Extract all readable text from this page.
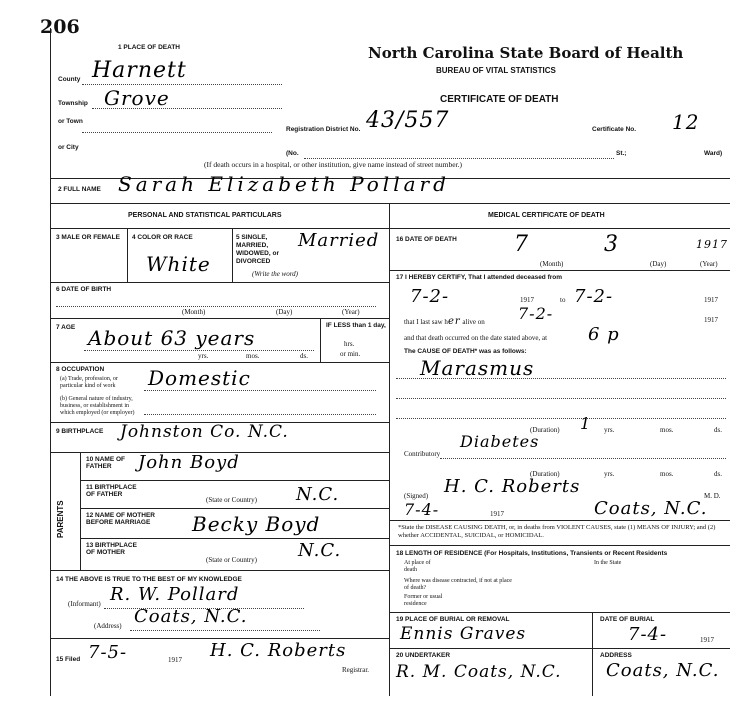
206
North Carolina State Board of Health
BUREAU OF VITAL STATISTICS
CERTIFICATE OF DEATH
1 PLACE OF DEATH
County Harnett
Township Grove
or Town
Registration District No. 43/557	Certificate No. 12
or City
(No.	St.;	Ward)
(If death occurs in a hospital, or other institution, give name instead of street number.)
2 FULL NAME Sarah Elizabeth Pollard
PERSONAL AND STATISTICAL PARTICULARS	MEDICAL CERTIFICATE OF DEATH
3 MALE OR FEMALE	4 COLOR OR RACE
White
5 SINGLE, MARRIED, WIDOWED, or DIVORCED
Married
(Write the word)
6 DATE OF BIRTH
(Month)	(Day)	(Year)
7 AGE About 63 years
yrs.	mos.	ds.
IF LESS than 1 day,
hrs.
or min.
8 OCCUPATION
(a) Trade, profession, or particular kind of work
(b) General nature of industry, business, or establishment in which employed (or employer)
Domestic
9 BIRTHPLACE Johnston Co. N.C.
PARENTS
10 NAME OF FATHER	John Boyd
11 BIRTHPLACE OF FATHER
(State or Country) N.C.
12 NAME OF MOTHER BEFORE MARRIAGE	Becky Boyd
13 BIRTHPLACE OF MOTHER
(State or Country) N.C.
14 THE ABOVE IS TRUE TO THE BEST OF MY KNOWLEDGE
(Informant) R. W. Pollard
(Address) Coats, N.C.
15 Filed 7-5-	1917 H. C. Roberts
Registrar.
16 DATE OF DEATH	7	3	1917
(Month)	(Day)	(Year)
17 I HEREBY CERTIFY, That I attended deceased from
7-2-	1917	to 7-2-	1917
that I last saw her alive on 7-2-	1917
and that death occurred on the date stated above, at 6 p
The CAUSE OF DEATH* was as follows:
Marasmus
(Duration) 1 yrs.	mos.	ds.
Contributory
Diabetes
(Duration)	yrs.	mos.	ds.
(Signed) H. C. Roberts	M. D.
7-4-	1917	Coats, N.C.
*State the DISEASE CAUSING DEATH, or, in deaths from VIOLENT CAUSES, state (1) MEANS OF INJURY; and (2) whether ACCIDENTAL, SUICIDAL, or HOMICIDAL.
18 LENGTH OF RESIDENCE (For Hospitals, Institutions, Transients or Recent Residents
At place of death
In the State
Where was disease contracted, if not at place of death?
Former or usual residence
19 PLACE OF BURIAL OR REMOVAL
Ennis Graves
DATE OF BURIAL
7-4-	1917
20 UNDERTAKER
R. M. Coats, N.C.
ADDRESS
Coats, N.C.
